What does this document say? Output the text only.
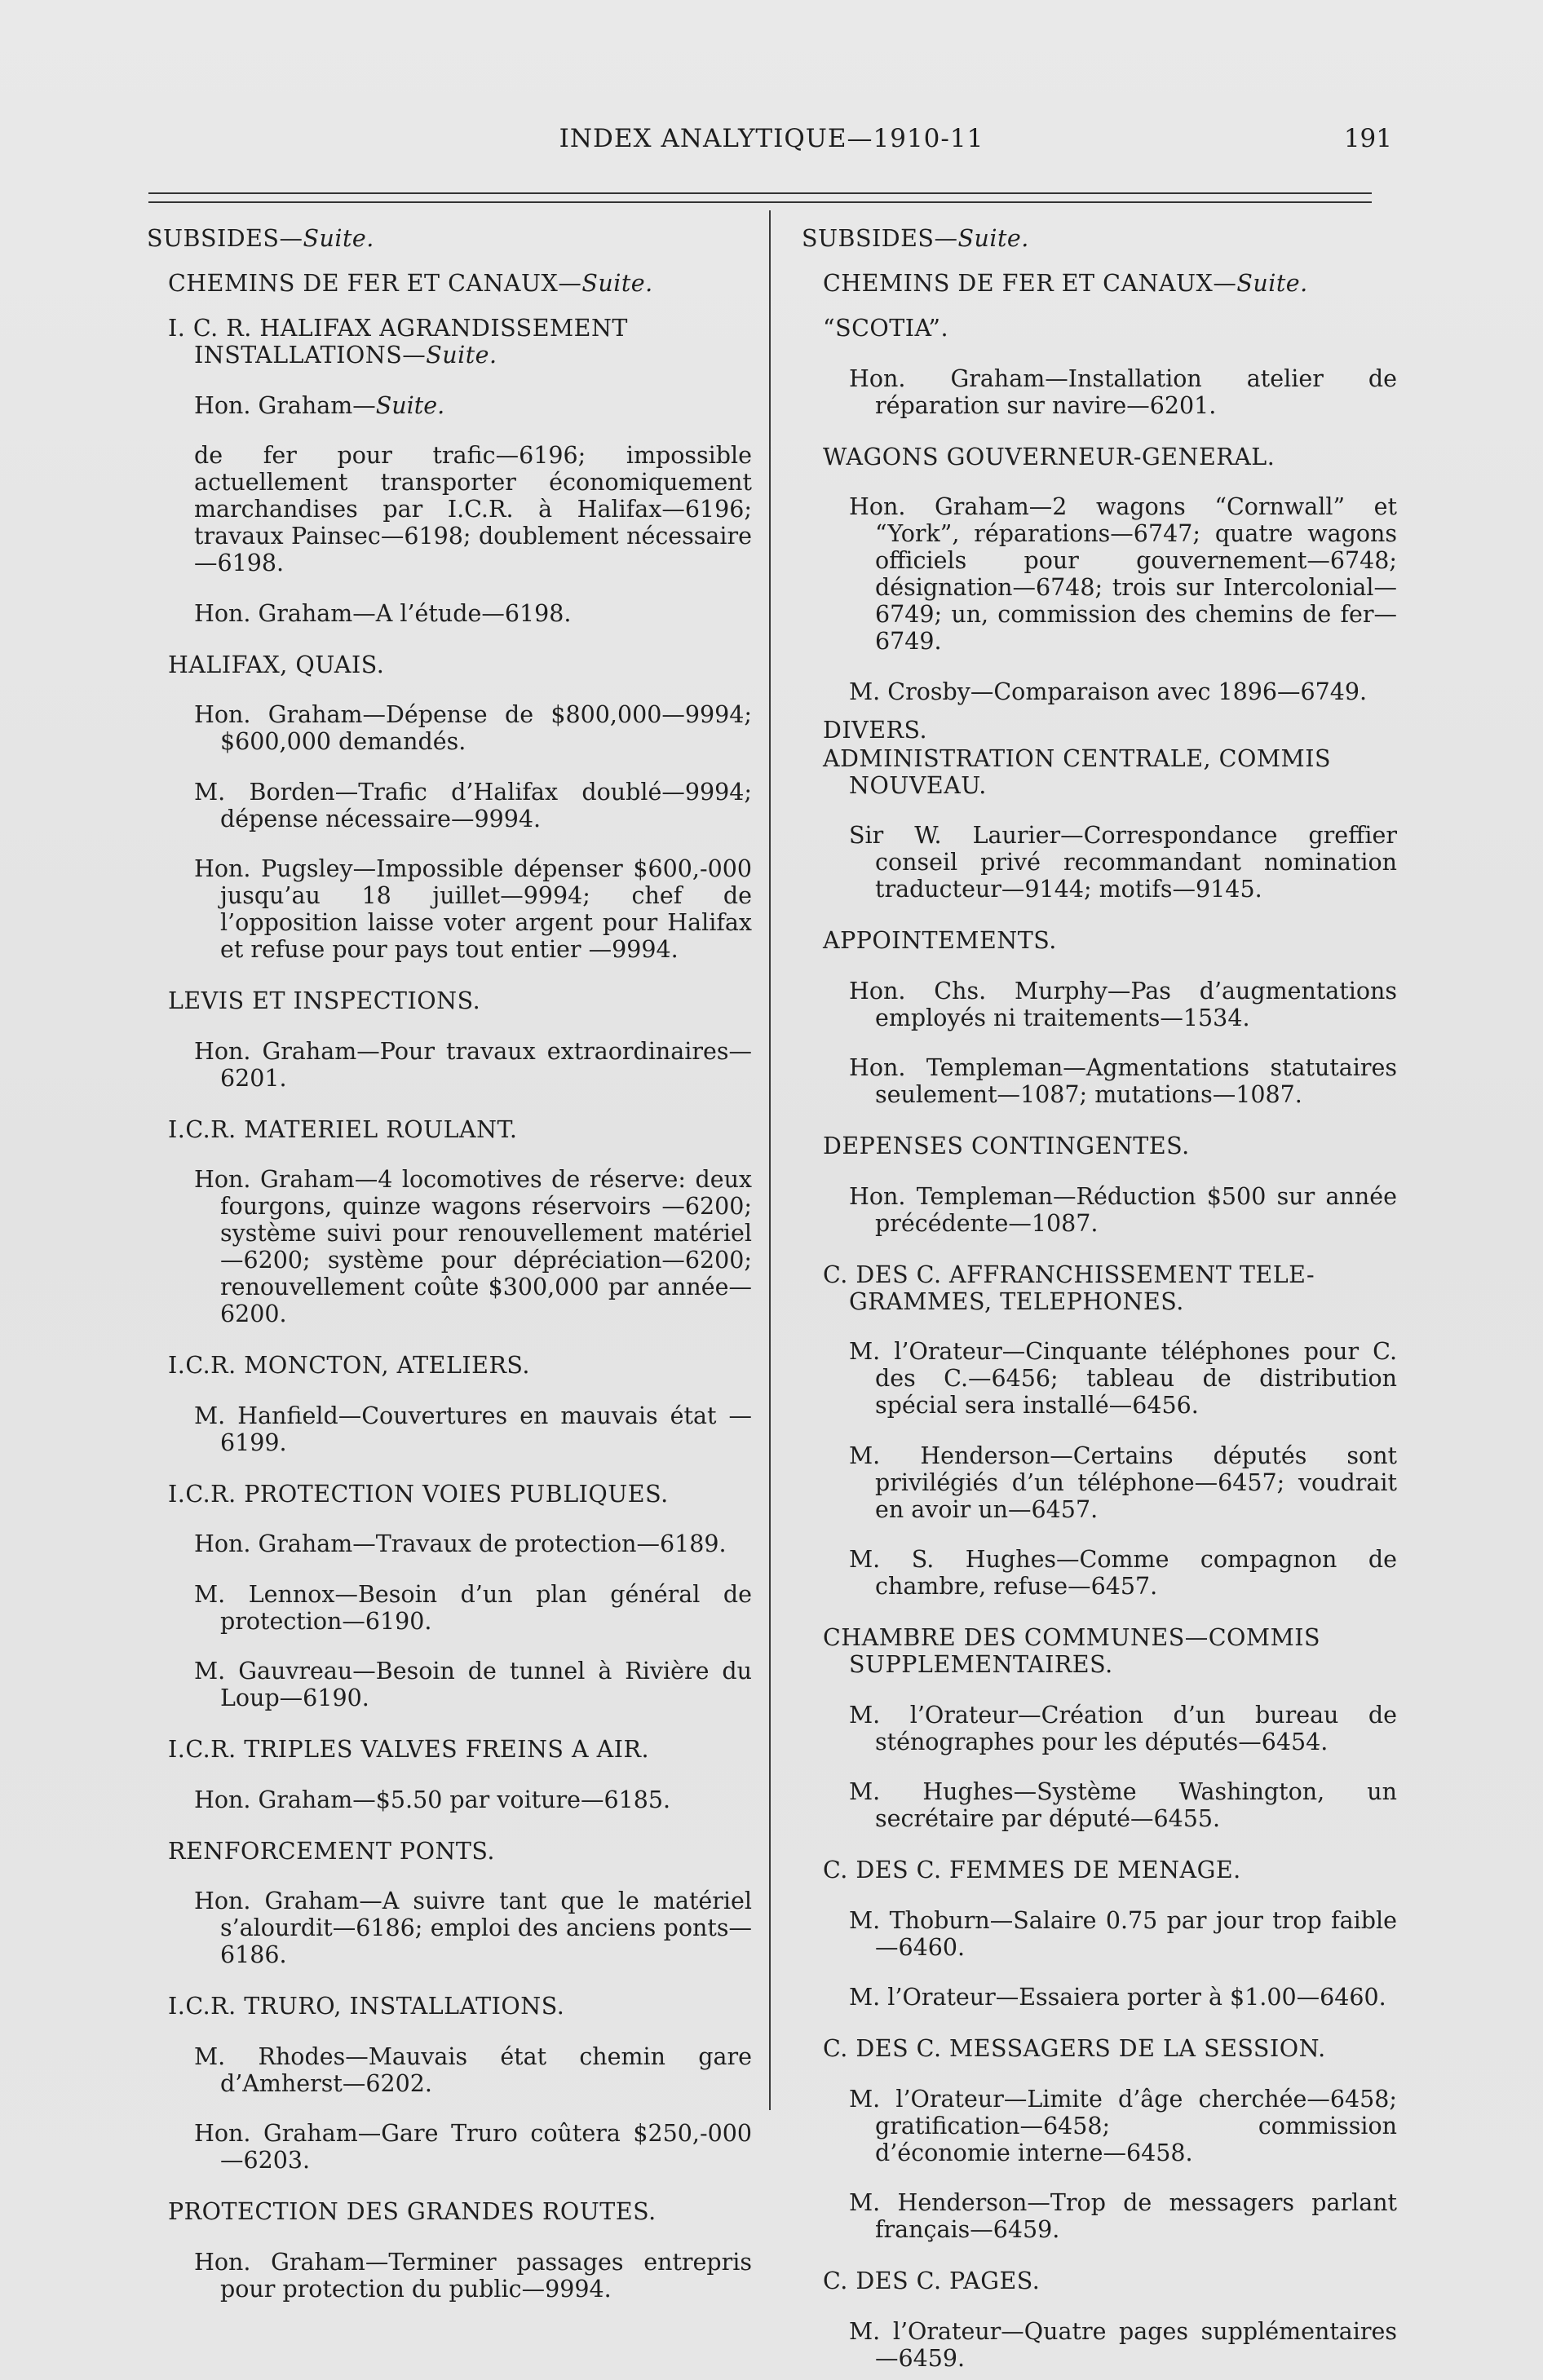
INDEX ANALYTIQUE—1910-11	191
SUBSIDES—Suite.
CHEMINS DE FER ET CANAUX—Suite.
I. C. R. HALIFAX AGRANDISSEMENT
INSTALLATIONS—Suite.

Hon. Graham—Suite.

de fer pour trafic—6196; impossible actuellement transporter économiquement marchandises par I.C.R. à Halifax—6196; travaux Painsec—6198; doublement nécessaire—6198.

Hon. Graham—A l’étude—6198.

HALIFAX, QUAIS.

Hon. Graham—Dépense de $800,000—9994; $600,000 demandés.

M. Borden—Trafic d’Halifax doublé—9994; dépense nécessaire—9994.

Hon. Pugsley—Impossible dépenser $600,-000 jusqu’au 18 juillet—9994; chef de l’opposition laisse voter argent pour Halifax et refuse pour pays tout entier —9994.

LEVIS ET INSPECTIONS.

Hon. Graham—Pour travaux extraordinaires—6201.

I.C.R. MATERIEL ROULANT.

Hon. Graham—4 locomotives de réserve: deux fourgons, quinze wagons réservoirs —6200; système suivi pour renouvellement matériel—6200; système pour dépréciation—6200; renouvellement coûte $300,000 par année—6200.

I.C.R. MONCTON, ATELIERS.

M. Hanfield—Couvertures en mauvais état —6199.

I.C.R. PROTECTION VOIES PUBLIQUES.

Hon. Graham—Travaux de protection—6189.

M. Lennox—Besoin d’un plan général de protection—6190.

M. Gauvreau—Besoin de tunnel à Rivière du Loup—6190.

I.C.R. TRIPLES VALVES FREINS A AIR.

Hon. Graham—$5.50 par voiture—6185.

RENFORCEMENT PONTS.

Hon. Graham—A suivre tant que le matériel s’alourdit—6186; emploi des anciens ponts—6186.

I.C.R. TRURO, INSTALLATIONS.

M. Rhodes—Mauvais état chemin gare d’Amherst—6202.

Hon. Graham—Gare Truro coûtera $250,-000—6203.

PROTECTION DES GRANDES ROUTES.

Hon. Graham—Terminer passages entrepris pour protection du public—9994.

SUBSIDES—Suite.
CHEMINS DE FER ET CANAUX—Suite.
“SCOTIA”.

Hon. Graham—Installation atelier de réparation sur navire—6201.

WAGONS GOUVERNEUR-GENERAL.

Hon. Graham—2 wagons “Cornwall” et “York”, réparations—6747; quatre wagons officiels pour gouvernement—6748; désignation—6748; trois sur Intercolonial—6749; un, commission des chemins de fer—6749.

M. Crosby—Comparaison avec 1896—6749.

DIVERS.
ADMINISTRATION CENTRALE, COMMIS
NOUVEAU.

Sir W. Laurier—Correspondance greffier conseil privé recommandant nomination traducteur—9144; motifs—9145.

APPOINTEMENTS.

Hon. Chs. Murphy—Pas d’augmentations employés ni traitements—1534.

Hon. Templeman—Agmentations statutaires seulement—1087; mutations—1087.

DEPENSES CONTINGENTES.

Hon. Templeman—Réduction $500 sur année précédente—1087.

C. DES C. AFFRANCHISSEMENT TELE-
GRAMMES, TELEPHONES.

M. l’Orateur—Cinquante téléphones pour C. des C.—6456; tableau de distribution spécial sera installé—6456.

M. Henderson—Certains députés sont privilégiés d’un téléphone—6457; voudrait en avoir un—6457.

M. S. Hughes—Comme compagnon de chambre, refuse—6457.

CHAMBRE DES COMMUNES—COMMIS
SUPPLEMENTAIRES.

M. l’Orateur—Création d’un bureau de sténographes pour les députés—6454.

M. Hughes—Système Washington, un secrétaire par député—6455.

C. DES C. FEMMES DE MENAGE.

M. Thoburn—Salaire 0.75 par jour trop faible—6460.

M. l’Orateur—Essaiera porter à $1.00—6460.

C. DES C. MESSAGERS DE LA SESSION.

M. l’Orateur—Limite d’âge cherchée—6458; gratification—6458; commission d’économie interne—6458.

M. Henderson—Trop de messagers parlant français—6459.

C. DES C. PAGES.

M. l’Orateur—Quatre pages supplémentaires—6459.
